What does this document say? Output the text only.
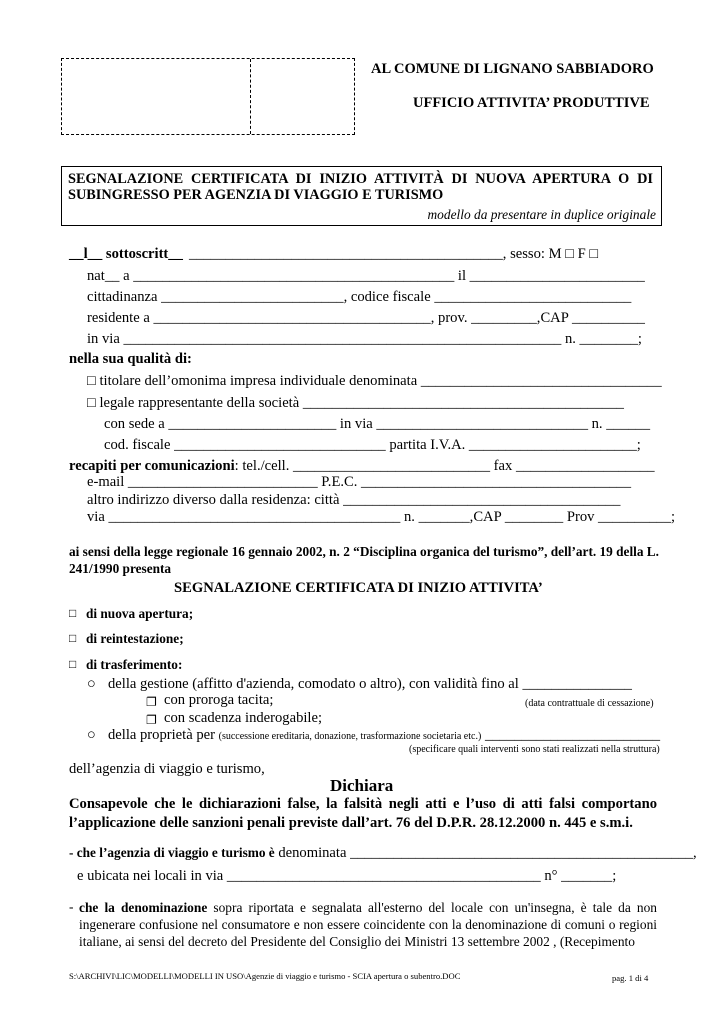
AL COMUNE DI LIGNANO SABBIADORO
UFFICIO ATTIVITA’ PRODUTTIVE
SEGNALAZIONE CERTIFICATA DI INIZIO ATTIVITÀ DI NUOVA APERTURA O DI SUBINGRESSO PER AGENZIA DI VIAGGIO E TURISMO
modello da presentare in duplice originale
__l__ sottoscritt__ ___________________________________________, sesso: M □ F □
nat__ a ____________________________________________ il ________________________
cittadinanza _________________________, codice fiscale ___________________________
residente a ______________________________________, prov. _________,CAP __________
in via ____________________________________________________________ n. ________;
nella sua qualità di:
□ titolare dell’omonima impresa individuale denominata _________________________________
□ legale rappresentante della società ____________________________________________
con sede a _______________________ in via _____________________________ n. ______
cod. fiscale _____________________________ partita I.V.A. _______________________;
recapiti per comunicazioni: tel./cell. ___________________________ fax ___________________
e-mail __________________________ P.E.C. _____________________________________
altro indirizzo diverso dalla residenza: città ______________________________________
via ________________________________________ n. _______,CAP ________ Prov __________;
ai sensi della legge regionale 16 gennaio 2002, n. 2 “Disciplina organica del turismo”, dell’art. 19 della L. 241/1990 presenta
SEGNALAZIONE CERTIFICATA DI INIZIO ATTIVITA’
□ di nuova apertura;
□ di reintestazione;
□ di trasferimento:
○ della gestione (affitto d'azienda, comodato o altro), con validità fino al _______________
❐ con proroga tacita;	(data contrattuale di cessazione)
❐ con scadenza inderogabile;
○ della proprietà per (successione ereditaria, donazione, trasformazione societaria etc.) ________________________
(specificare quali interventi sono stati realizzati nella struttura)
dell’agenzia di viaggio e turismo,
Dichiara
Consapevole che le dichiarazioni false, la falsità negli atti e l’uso di atti falsi comportano l’applicazione delle sanzioni penali previste dall’art. 76 del D.P.R. 28.12.2000 n. 445 e s.m.i.
- che l’agenzia di viaggio e turismo è denominata _______________________________________________,
e ubicata nei locali in via ___________________________________________ n° _______;
- che la denominazione sopra riportata e segnalata all'esterno del locale con un'insegna, è tale da non ingenerare confusione nel consumatore e non essere coincidente con la denominazione di comuni o regioni italiane, ai sensi del decreto del Presidente del Consiglio dei Ministri 13 settembre 2002 , (Recepimento
S:\ARCHIVI\LIC\MODELLI\MODELLI IN USO\Agenzie di viaggio e turismo - SCIA apertura o subentro.DOC	pag. 1 di 4
